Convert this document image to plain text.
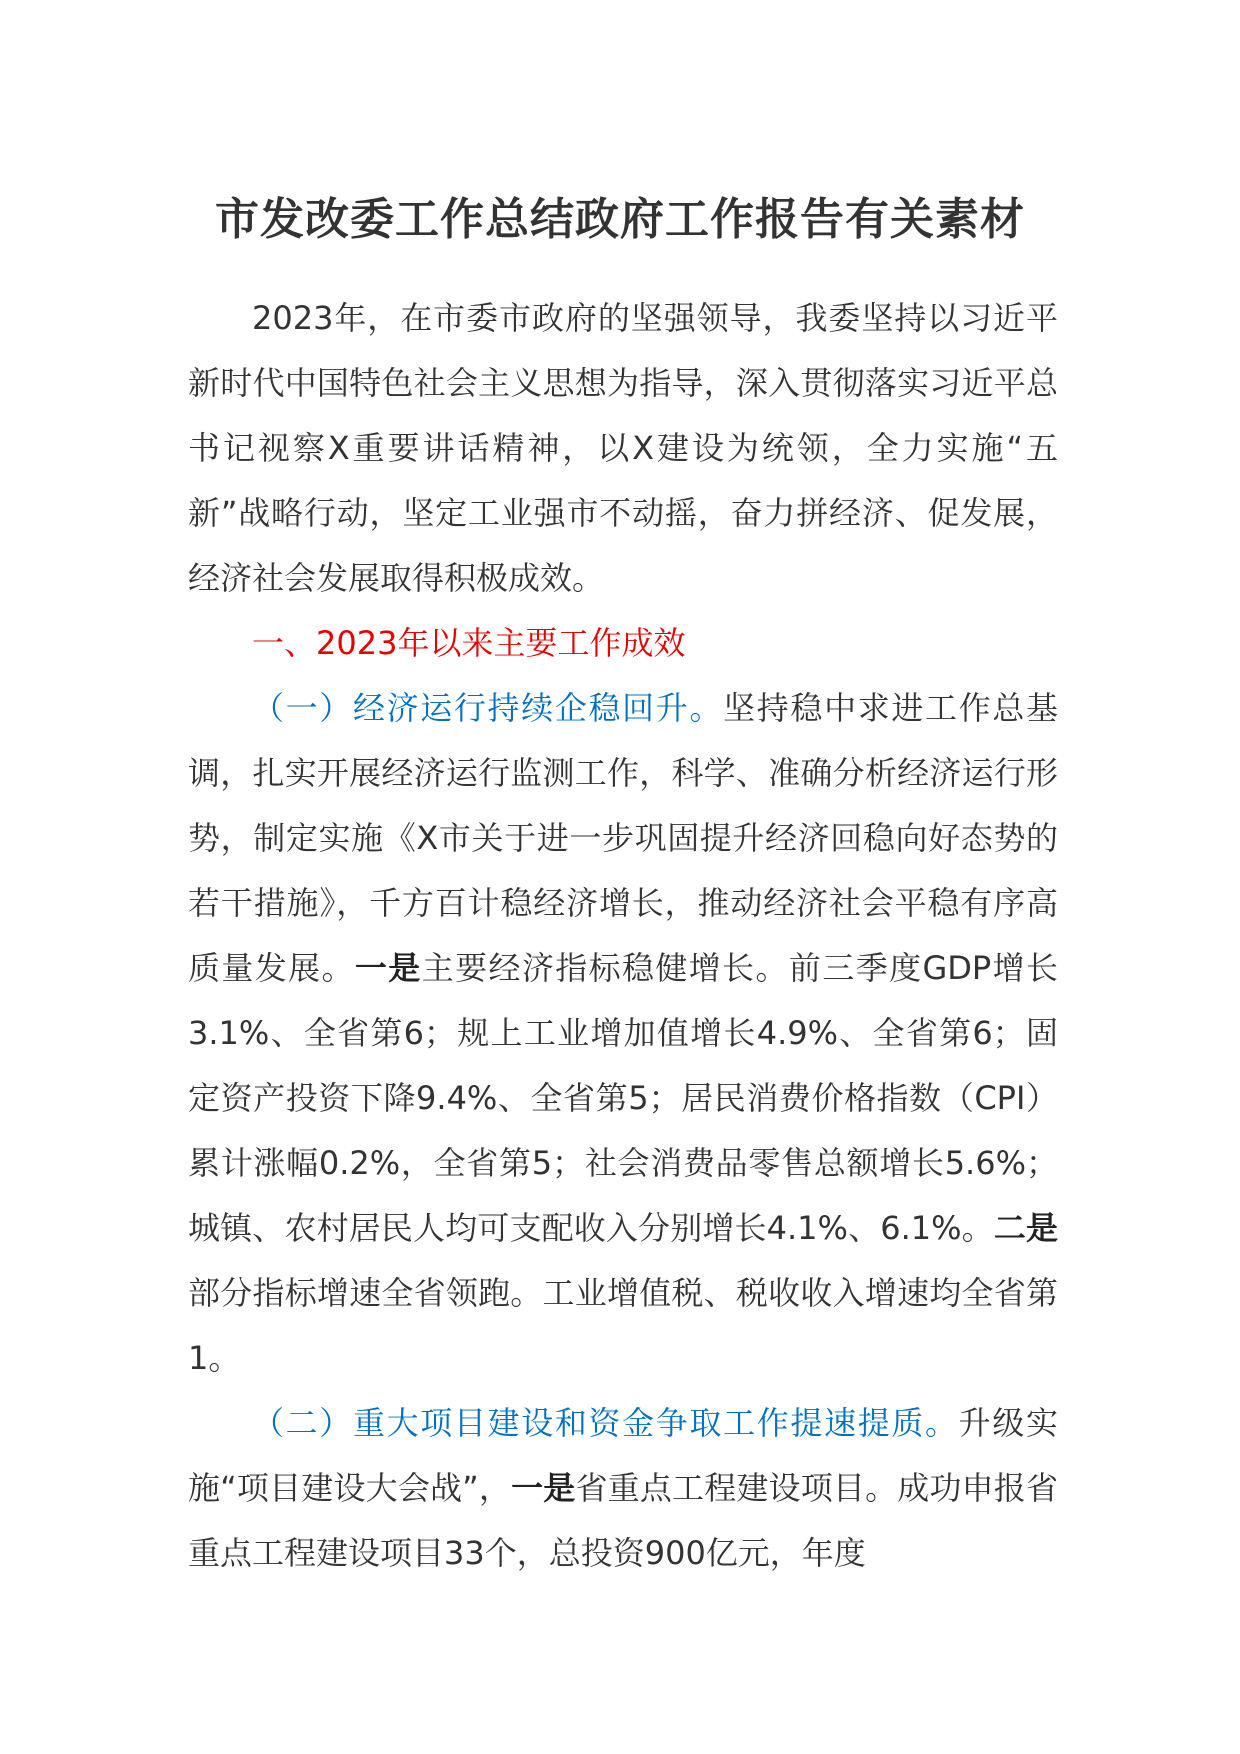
市发改委工作总结政府工作报告有关素材

2023年，在市委市政府的坚强领导，我委坚持以习近平新时代中国特色社会主义思想为指导，深入贯彻落实习近平总书记视察X重要讲话精神，以X建设为统领，全力实施“五新”战略行动，坚定工业强市不动摇，奋力拼经济、促发展，经济社会发展取得积极成效。

一、2023年以来主要工作成效

（一）经济运行持续企稳回升。坚持稳中求进工作总基调，扎实开展经济运行监测工作，科学、准确分析经济运行形势，制定实施《X市关于进一步巩固提升经济回稳向好态势的若干措施》，千方百计稳经济增长，推动经济社会平稳有序高质量发展。一是主要经济指标稳健增长。前三季度GDP增长3.1%、全省第6；规上工业增加值增长4.9%、全省第6；固定资产投资下降9.4%、全省第5；居民消费价格指数（CPI）累计涨幅0.2%，全省第5；社会消费品零售总额增长5.6%；城镇、农村居民人均可支配收入分别增长4.1%、6.1%。二是部分指标增速全省领跑。工业增值税、税收收入增速均全省第1。

（二）重大项目建设和资金争取工作提速提质。升级实施“项目建设大会战”，一是省重点工程建设项目。成功申报省重点工程建设项目33个，总投资900亿元，年度
